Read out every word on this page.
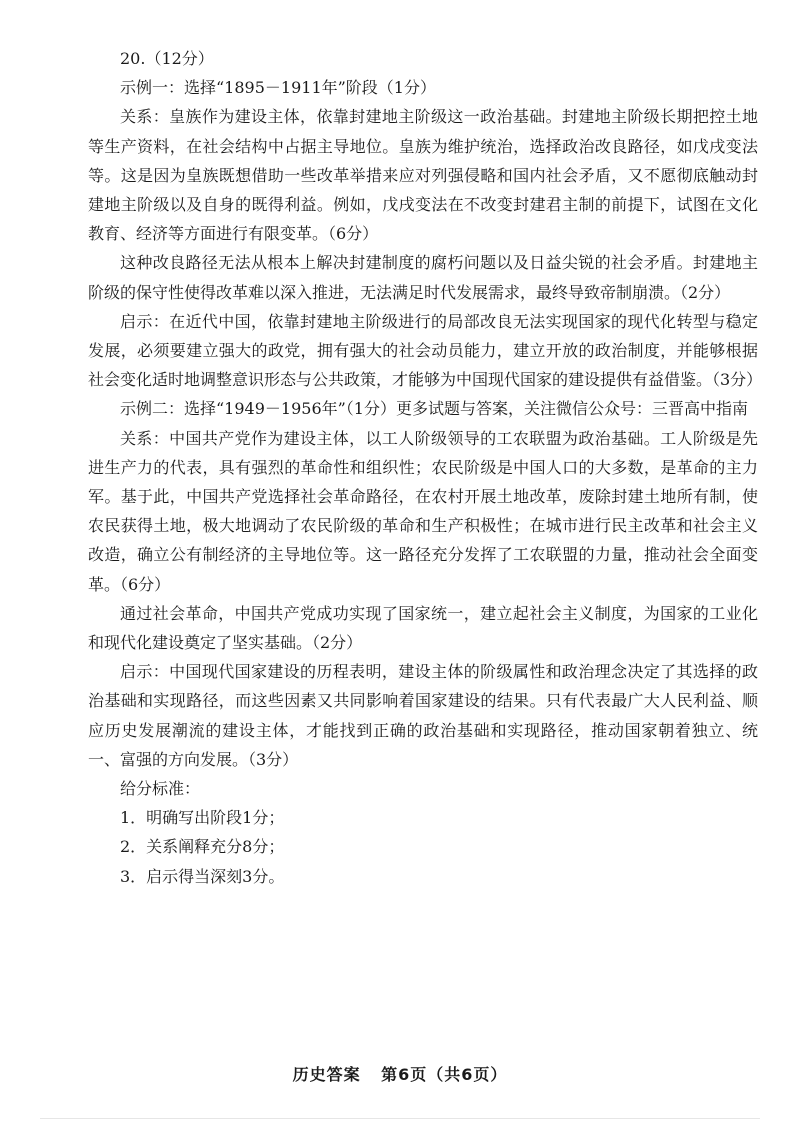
20.（12分）

示例一：选择“1895－1911年”阶段（1分）

关系：皇族作为建设主体，依靠封建地主阶级这一政治基础。封建地主阶级长期把控土地等生产资料，在社会结构中占据主导地位。皇族为维护统治，选择政治改良路径，如戊戌变法等。这是因为皇族既想借助一些改革举措来应对列强侵略和国内社会矛盾，又不愿彻底触动封建地主阶级以及自身的既得利益。例如，戊戌变法在不改变封建君主制的前提下，试图在文化教育、经济等方面进行有限变革。（6分）

这种改良路径无法从根本上解决封建制度的腐朽问题以及日益尖锐的社会矛盾。封建地主阶级的保守性使得改革难以深入推进，无法满足时代发展需求，最终导致帝制崩溃。（2分）

启示：在近代中国，依靠封建地主阶级进行的局部改良无法实现国家的现代化转型与稳定发展，必须要建立强大的政党，拥有强大的社会动员能力，建立开放的政治制度，并能够根据社会变化适时地调整意识形态与公共政策，才能够为中国现代国家的建设提供有益借鉴。（3分）

示例二：选择“1949－1956年”（1分）更多试题与答案，关注微信公众号：三晋高中指南

关系：中国共产党作为建设主体，以工人阶级领导的工农联盟为政治基础。工人阶级是先进生产力的代表，具有强烈的革命性和组织性；农民阶级是中国人口的大多数，是革命的主力军。基于此，中国共产党选择社会革命路径，在农村开展土地改革，废除封建土地所有制，使农民获得土地，极大地调动了农民阶级的革命和生产积极性；在城市进行民主改革和社会主义改造，确立公有制经济的主导地位等。这一路径充分发挥了工农联盟的力量，推动社会全面变革。（6分）

通过社会革命，中国共产党成功实现了国家统一，建立起社会主义制度，为国家的工业化和现代化建设奠定了坚实基础。（2分）

启示：中国现代国家建设的历程表明，建设主体的阶级属性和政治理念决定了其选择的政治基础和实现路径，而这些因素又共同影响着国家建设的结果。只有代表最广大人民利益、顺应历史发展潮流的建设主体，才能找到正确的政治基础和实现路径，推动国家朝着独立、统一、富强的方向发展。（3分）

给分标准：

1．明确写出阶段1分；

2．关系阐释充分8分；

3．启示得当深刻3分。

历史答案 第6页（共6页）
